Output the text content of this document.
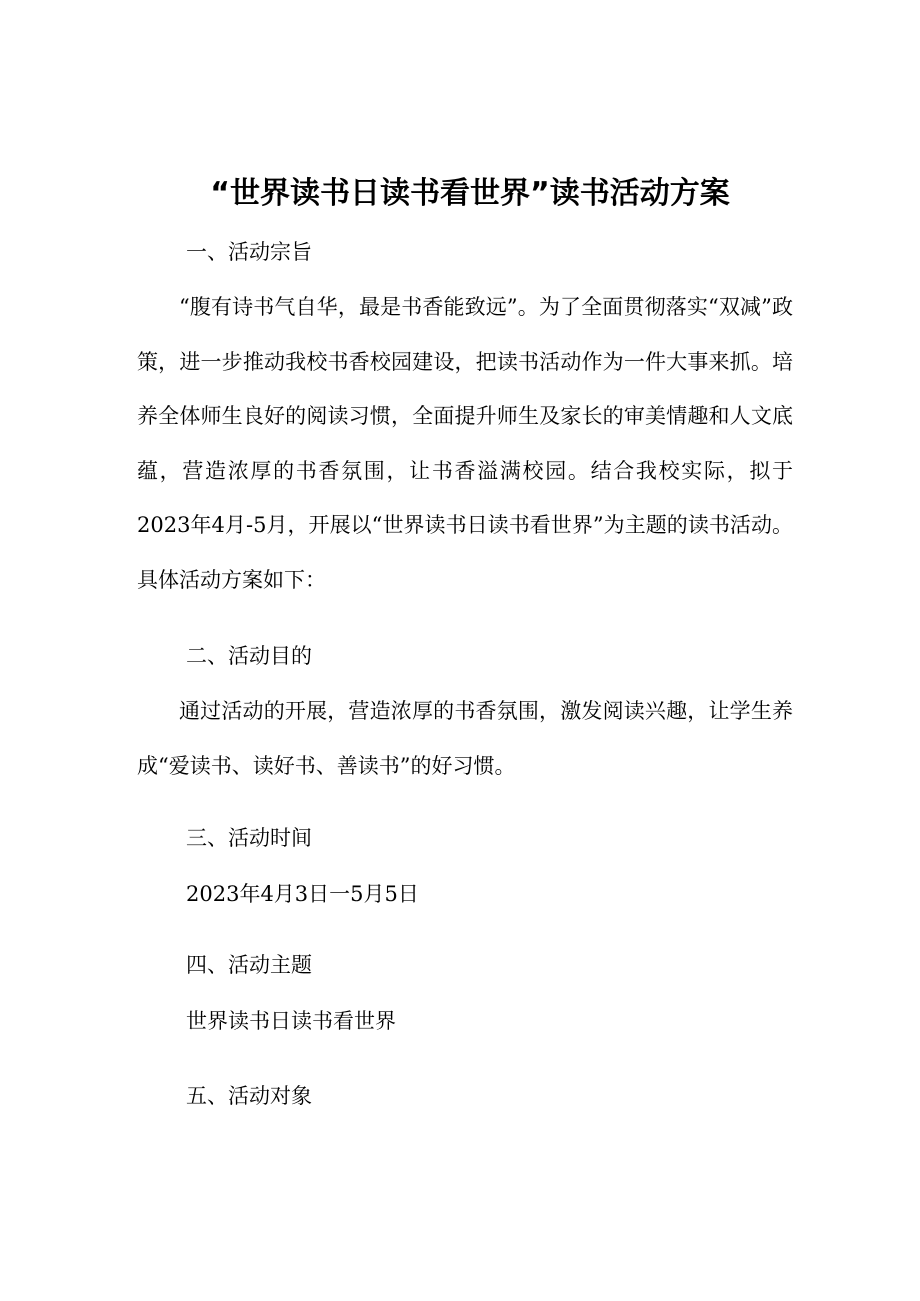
“世界读书日读书看世界”读书活动方案
一、活动宗旨

“腹有诗书气自华，最是书香能致远”。为了全面贯彻落实“双减”政策，进一步推动我校书香校园建设，把读书活动作为一件大事来抓。培养全体师生良好的阅读习惯，全面提升师生及家长的审美情趣和人文底蕴，营造浓厚的书香氛围，让书香溢满校园。结合我校实际，拟于2023年4月-5月，开展以“世界读书日读书看世界”为主题的读书活动。具体活动方案如下：

二、活动目的

通过活动的开展，营造浓厚的书香氛围，激发阅读兴趣，让学生养成“爱读书、读好书、善读书”的好习惯。

三、活动时间
2023年4月3日一5月5日
四、活动主题
世界读书日读书看世界
五、活动对象
